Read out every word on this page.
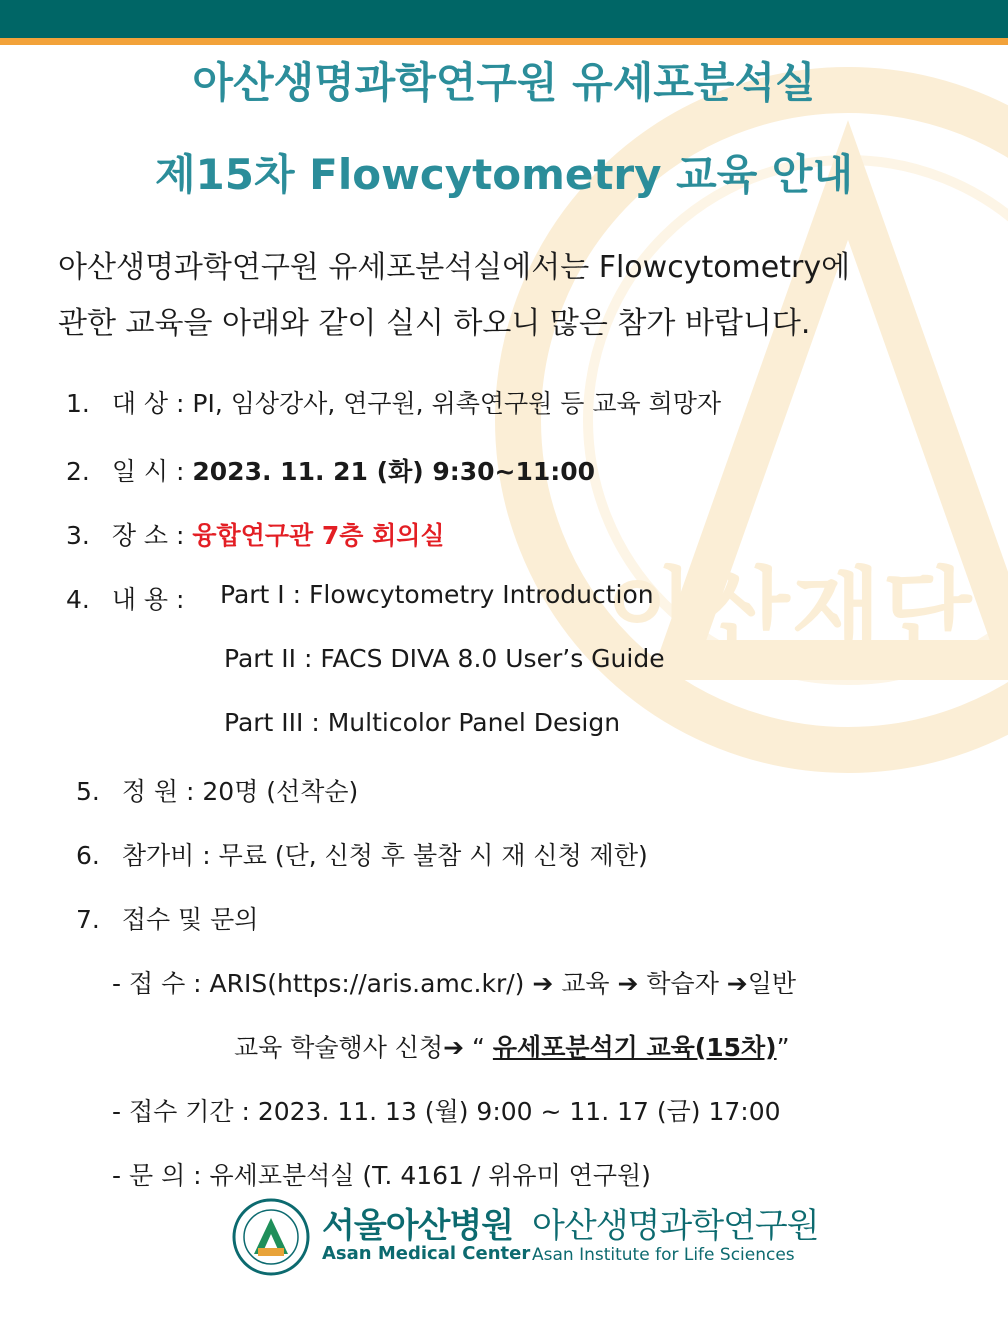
아산재단
아산생명과학연구원 유세포분석실
제15차 Flowcytometry 교육 안내
아산생명과학연구원 유세포분석실에서는 Flowcytometry에
관한 교육을 아래와 같이 실시 하오니 많은 참가 바랍니다.
1. 대 상 : PI, 임상강사, 연구원, 위촉연구원 등 교육 희망자
2. 일 시 : 2023. 11. 21 (화) 9:30~11:00
3. 장 소 : 융합연구관 7층 회의실
4. 내 용 : Part I : Flowcytometry Introduction
Part II : FACS DIVA 8.0 User’s Guide
Part III : Multicolor Panel Design
5. 정 원 : 20명 (선착순)
6. 참가비 : 무료 (단, 신청 후 불참 시 재 신청 제한)
7. 접수 및 문의
- 접 수 : ARIS(https://aris.amc.kr/) ➔ 교육 ➔ 학습자 ➔일반
교육 학술행사 신청➔ “ 유세포분석기 교육(15차)”
- 접수 기간 : 2023. 11. 13 (월) 9:00 ~ 11. 17 (금) 17:00
- 문 의 : 유세포분석실 (T. 4161 / 위유미 연구원)
서울아산병원
Asan Medical Center
아산생명과학연구원
Asan Institute for Life Sciences
